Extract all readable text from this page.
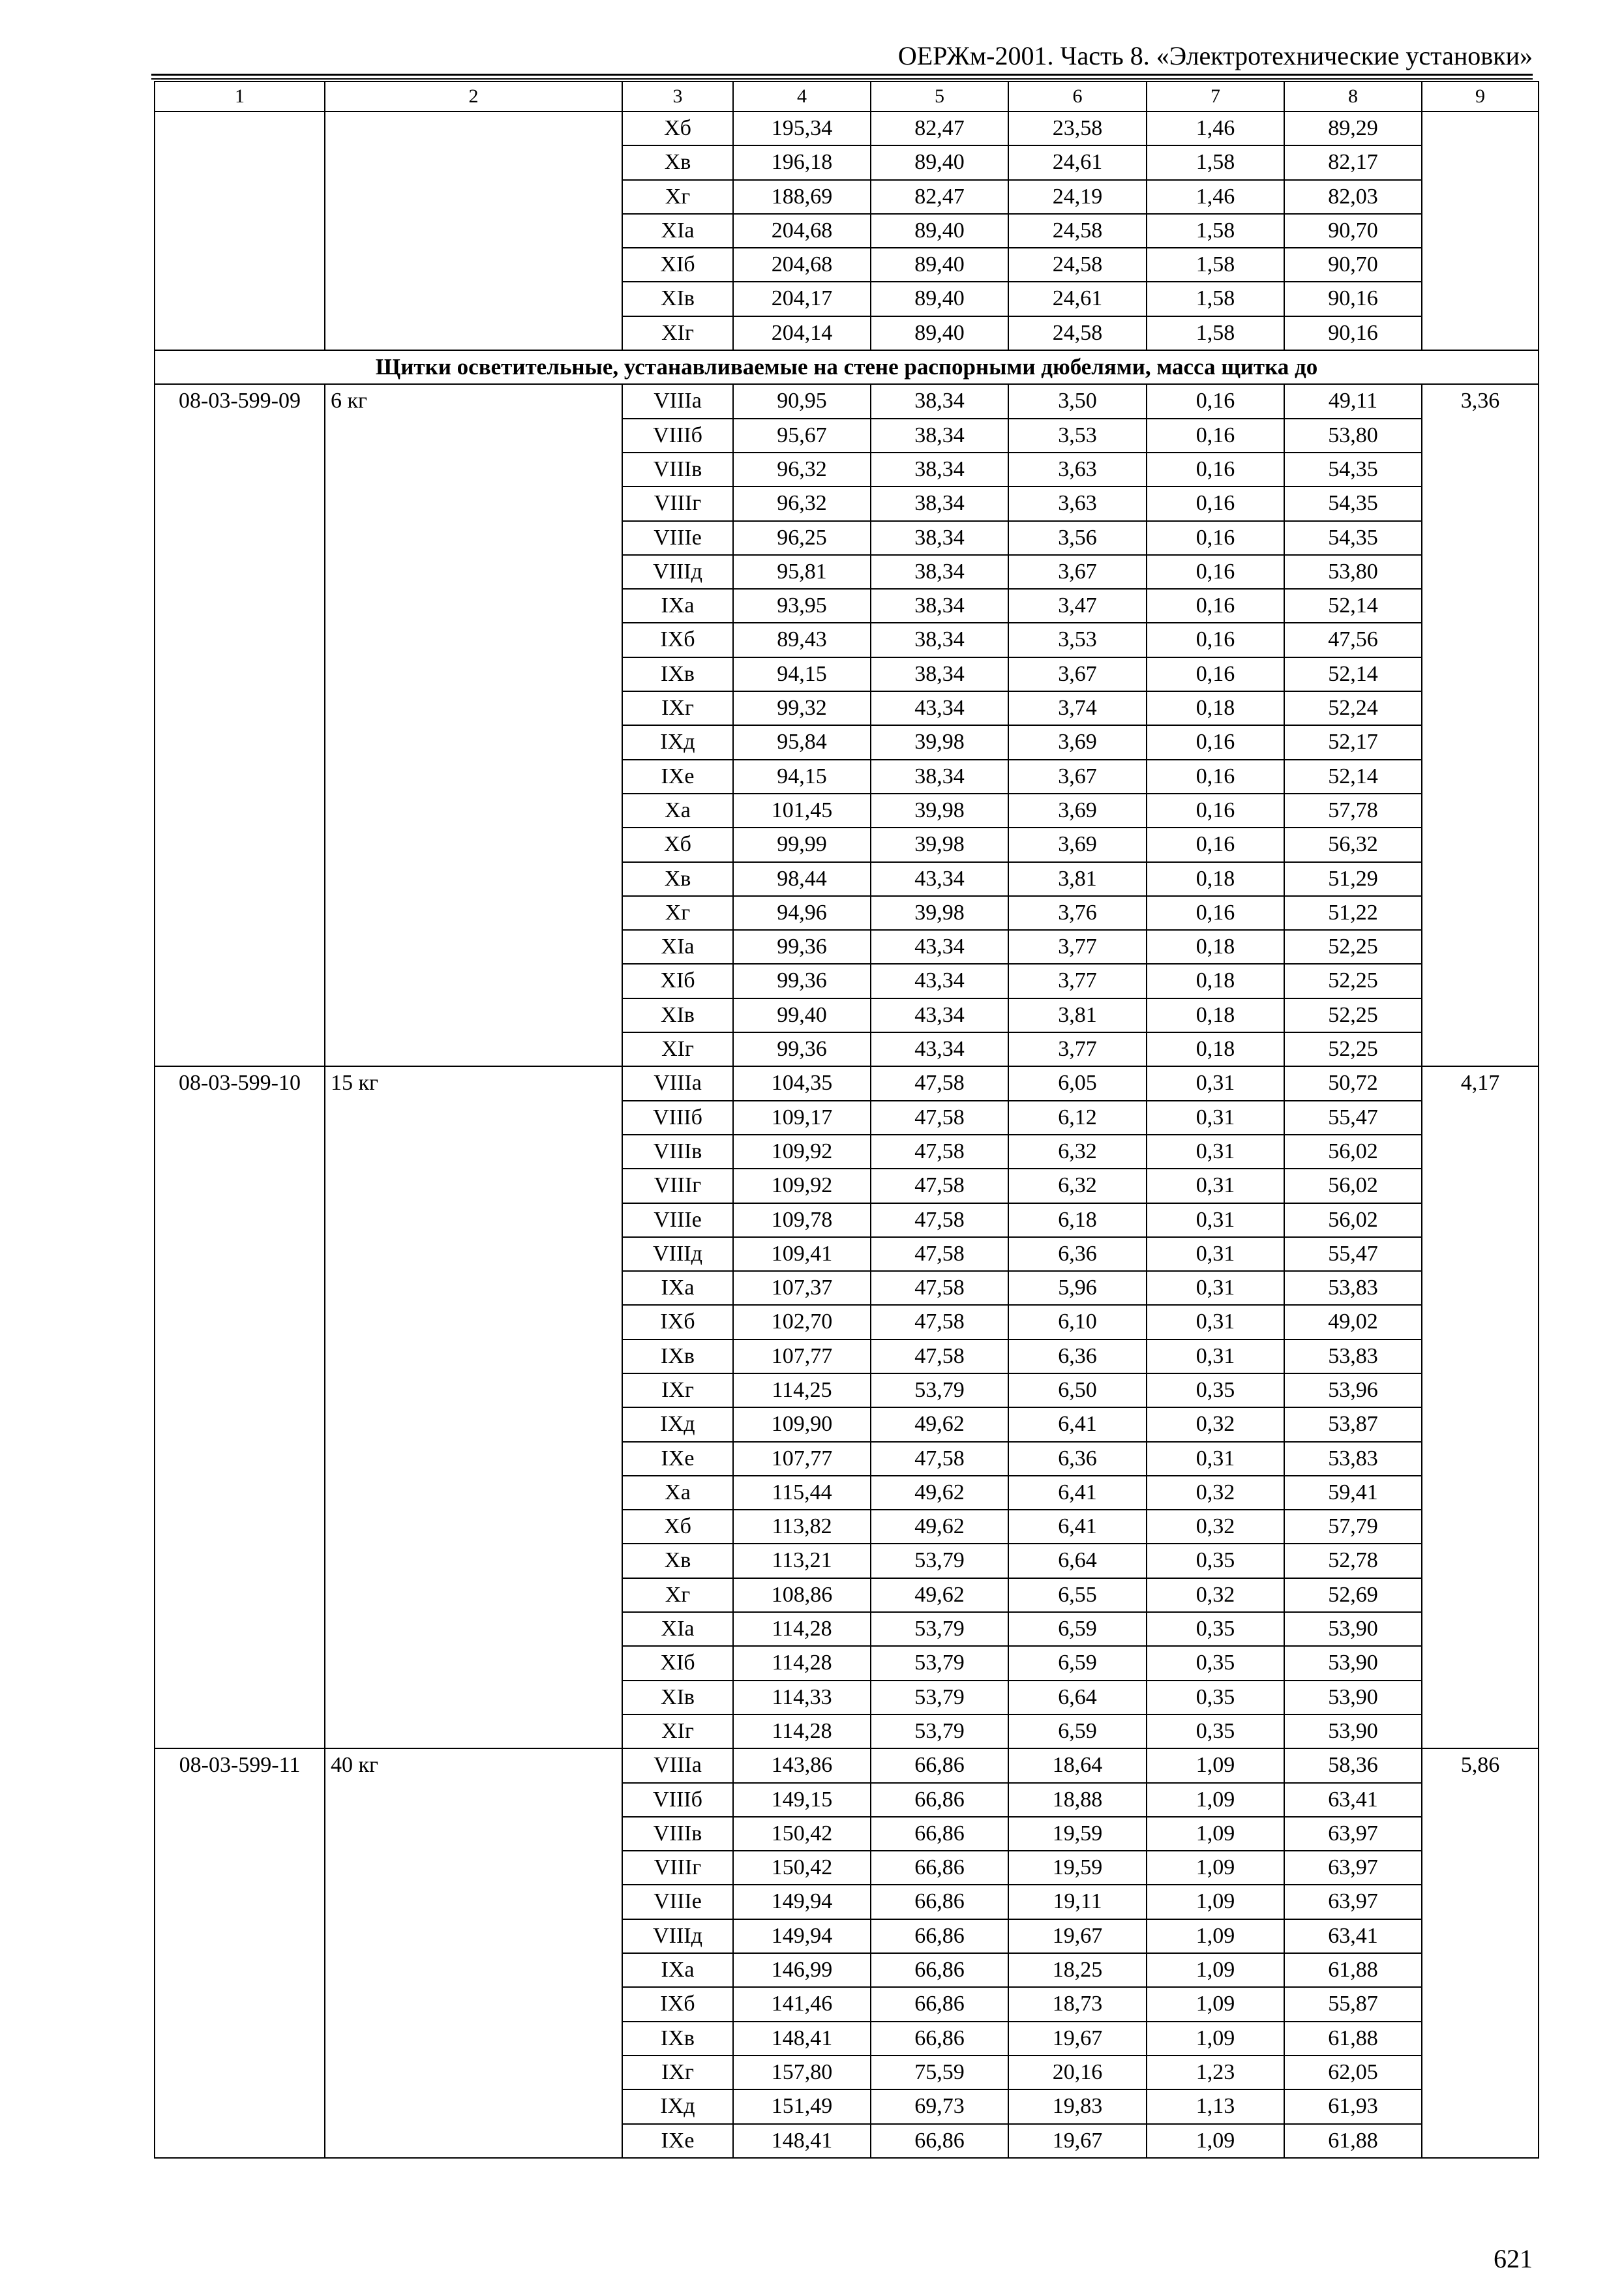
ОЕРЖм-2001. Часть 8. «Электротехнические установки»
1	2	3	4	5	6	7	8	9
		Хб	195,34	82,47	23,58	1,46	89,29	
		Хв	196,18	89,40	24,61	1,58	82,17	
		Хг	188,69	82,47	24,19	1,46	82,03	
		ХIа	204,68	89,40	24,58	1,58	90,70	
		ХIб	204,68	89,40	24,58	1,58	90,70	
		ХIв	204,17	89,40	24,61	1,58	90,16	
		ХIг	204,14	89,40	24,58	1,58	90,16	
Щитки осветительные, устанавливаемые на стене распорными дюбелями, масса щитка до								
08-03-599-09	6 кг	VIIIа	90,95	38,34	3,50	0,16	49,11	3,36
		VIIIб	95,67	38,34	3,53	0,16	53,80	
		VIIIв	96,32	38,34	3,63	0,16	54,35	
		VIIIг	96,32	38,34	3,63	0,16	54,35	
		VIIIе	96,25	38,34	3,56	0,16	54,35	
		VIIIд	95,81	38,34	3,67	0,16	53,80	
		IХа	93,95	38,34	3,47	0,16	52,14	
		IХб	89,43	38,34	3,53	0,16	47,56	
		IХв	94,15	38,34	3,67	0,16	52,14	
		IХг	99,32	43,34	3,74	0,18	52,24	
		IХд	95,84	39,98	3,69	0,16	52,17	
		IХе	94,15	38,34	3,67	0,16	52,14	
		Ха	101,45	39,98	3,69	0,16	57,78	
		Хб	99,99	39,98	3,69	0,16	56,32	
		Хв	98,44	43,34	3,81	0,18	51,29	
		Хг	94,96	39,98	3,76	0,16	51,22	
		ХIа	99,36	43,34	3,77	0,18	52,25	
		ХIб	99,36	43,34	3,77	0,18	52,25	
		ХIв	99,40	43,34	3,81	0,18	52,25	
		ХIг	99,36	43,34	3,77	0,18	52,25	
08-03-599-10	15 кг	VIIIа	104,35	47,58	6,05	0,31	50,72	4,17
		VIIIб	109,17	47,58	6,12	0,31	55,47	
		VIIIв	109,92	47,58	6,32	0,31	56,02	
		VIIIг	109,92	47,58	6,32	0,31	56,02	
		VIIIе	109,78	47,58	6,18	0,31	56,02	
		VIIIд	109,41	47,58	6,36	0,31	55,47	
		IХа	107,37	47,58	5,96	0,31	53,83	
		IХб	102,70	47,58	6,10	0,31	49,02	
		IХв	107,77	47,58	6,36	0,31	53,83	
		IХг	114,25	53,79	6,50	0,35	53,96	
		IХд	109,90	49,62	6,41	0,32	53,87	
		IХе	107,77	47,58	6,36	0,31	53,83	
		Ха	115,44	49,62	6,41	0,32	59,41	
		Хб	113,82	49,62	6,41	0,32	57,79	
		Хв	113,21	53,79	6,64	0,35	52,78	
		Хг	108,86	49,62	6,55	0,32	52,69	
		ХIа	114,28	53,79	6,59	0,35	53,90	
		ХIб	114,28	53,79	6,59	0,35	53,90	
		ХIв	114,33	53,79	6,64	0,35	53,90	
		ХIг	114,28	53,79	6,59	0,35	53,90	
08-03-599-11	40 кг	VIIIа	143,86	66,86	18,64	1,09	58,36	5,86
		VIIIб	149,15	66,86	18,88	1,09	63,41	
		VIIIв	150,42	66,86	19,59	1,09	63,97	
		VIIIг	150,42	66,86	19,59	1,09	63,97	
		VIIIе	149,94	66,86	19,11	1,09	63,97	
		VIIIд	149,94	66,86	19,67	1,09	63,41	
		IХа	146,99	66,86	18,25	1,09	61,88	
		IХб	141,46	66,86	18,73	1,09	55,87	
		IХв	148,41	66,86	19,67	1,09	61,88	
		IХг	157,80	75,59	20,16	1,23	62,05	
		IХд	151,49	69,73	19,83	1,13	61,93	
		IХе	148,41	66,86	19,67	1,09	61,88	
621
